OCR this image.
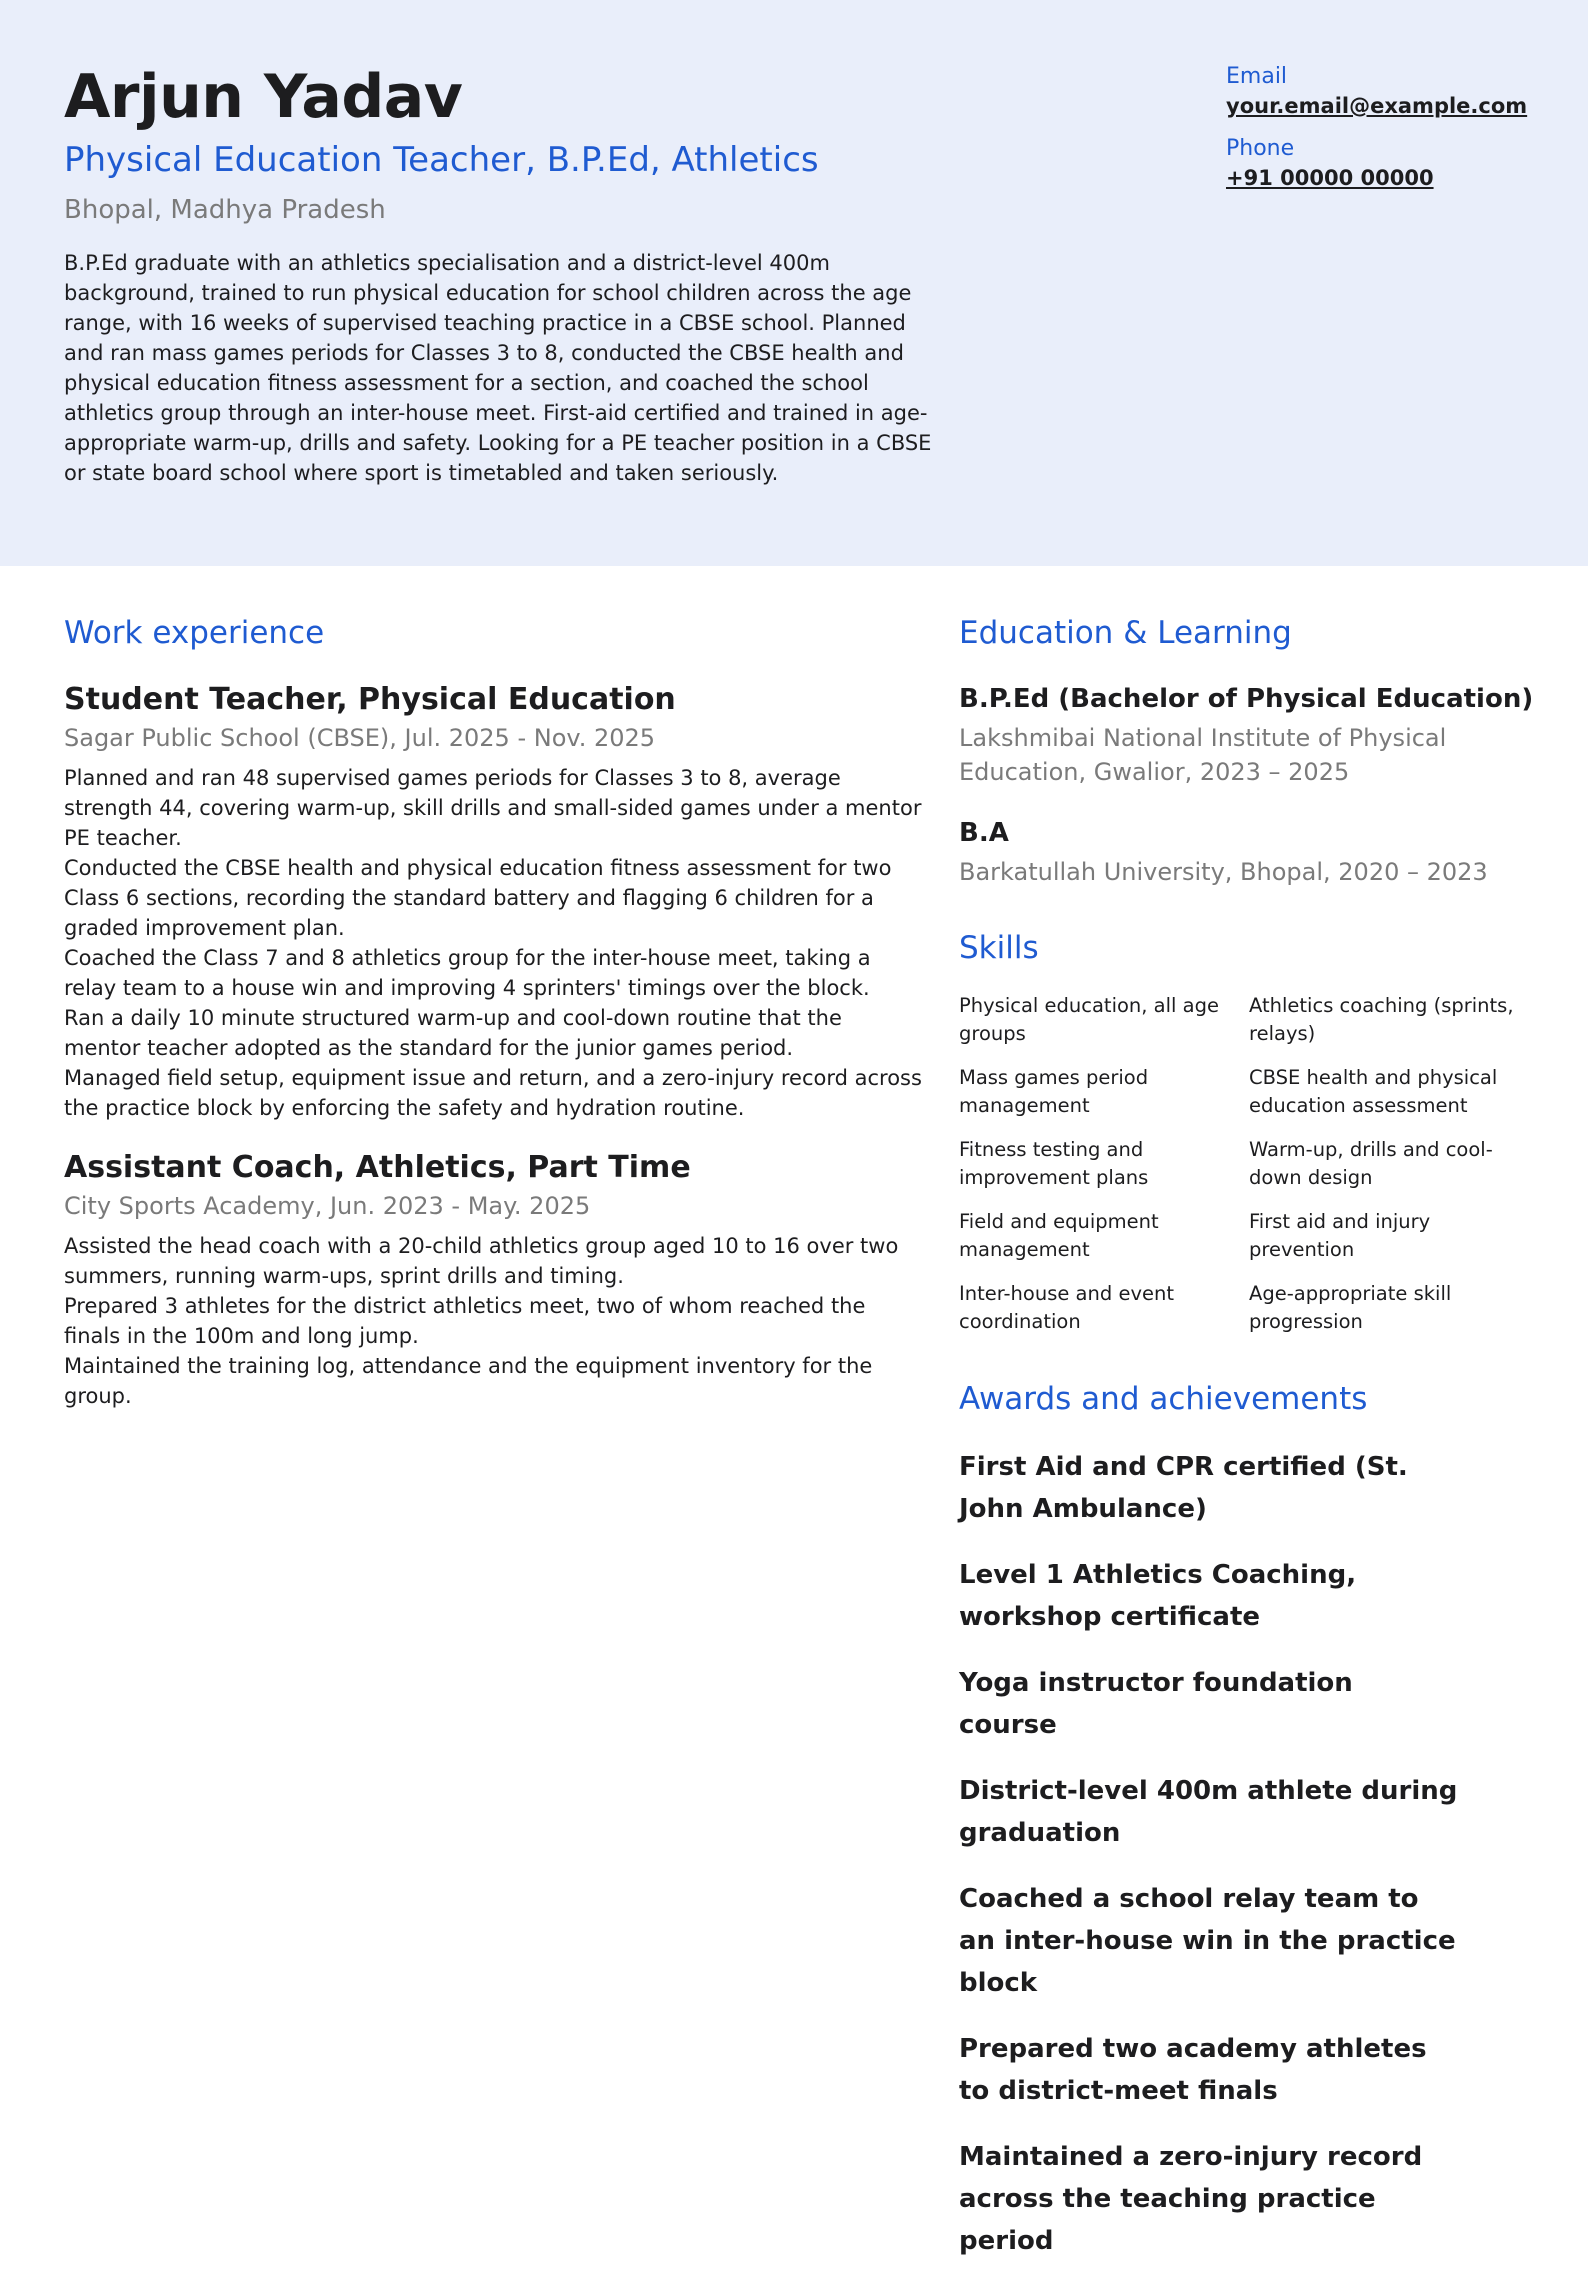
Arjun Yadav
Physical Education Teacher, B.P.Ed, Athletics
Bhopal, Madhya Pradesh
B.P.Ed graduate with an athletics specialisation and a district-level 400m background, trained to run physical education for school children across the age range, with 16 weeks of supervised teaching practice in a CBSE school. Planned and ran mass games periods for Classes 3 to 8, conducted the CBSE health and physical education fitness assessment for a section, and coached the school athletics group through an inter-house meet. First-aid certified and trained in age-appropriate warm-up, drills and safety. Looking for a PE teacher position in a CBSE or state board school where sport is timetabled and taken seriously.
Email
your.email@example.com
Phone
+91 00000 00000
Work experience
Student Teacher, Physical Education
Sagar Public School (CBSE), Jul. 2025 - Nov. 2025
Planned and ran 48 supervised games periods for Classes 3 to 8, average strength 44, covering warm-up, skill drills and small-sided games under a mentor PE teacher.
Conducted the CBSE health and physical education fitness assessment for two Class 6 sections, recording the standard battery and flagging 6 children for a graded improvement plan.
Coached the Class 7 and 8 athletics group for the inter-house meet, taking a relay team to a house win and improving 4 sprinters' timings over the block.
Ran a daily 10 minute structured warm-up and cool-down routine that the mentor teacher adopted as the standard for the junior games period.
Managed field setup, equipment issue and return, and a zero-injury record across the practice block by enforcing the safety and hydration routine.
Assistant Coach, Athletics, Part Time
City Sports Academy, Jun. 2023 - May. 2025
Assisted the head coach with a 20-child athletics group aged 10 to 16 over two summers, running warm-ups, sprint drills and timing.
Prepared 3 athletes for the district athletics meet, two of whom reached the finals in the 100m and long jump.
Maintained the training log, attendance and the equipment inventory for the group.
Education & Learning
B.P.Ed (Bachelor of Physical Education)
Lakshmibai National Institute of Physical Education, Gwalior, 2023 – 2025
B.A
Barkatullah University, Bhopal, 2020 – 2023
Skills
Physical education, all age groups
Athletics coaching (sprints, relays)
Mass games period management
CBSE health and physical education assessment
Fitness testing and improvement plans
Warm-up, drills and cool-down design
Field and equipment management
First aid and injury prevention
Inter-house and event coordination
Age-appropriate skill progression
Awards and achievements
First Aid and CPR certified (St. John Ambulance)
Level 1 Athletics Coaching, workshop certificate
Yoga instructor foundation course
District-level 400m athlete during graduation
Coached a school relay team to an inter-house win in the practice block
Prepared two academy athletes to district-meet finals
Maintained a zero-injury record across the teaching practice period
